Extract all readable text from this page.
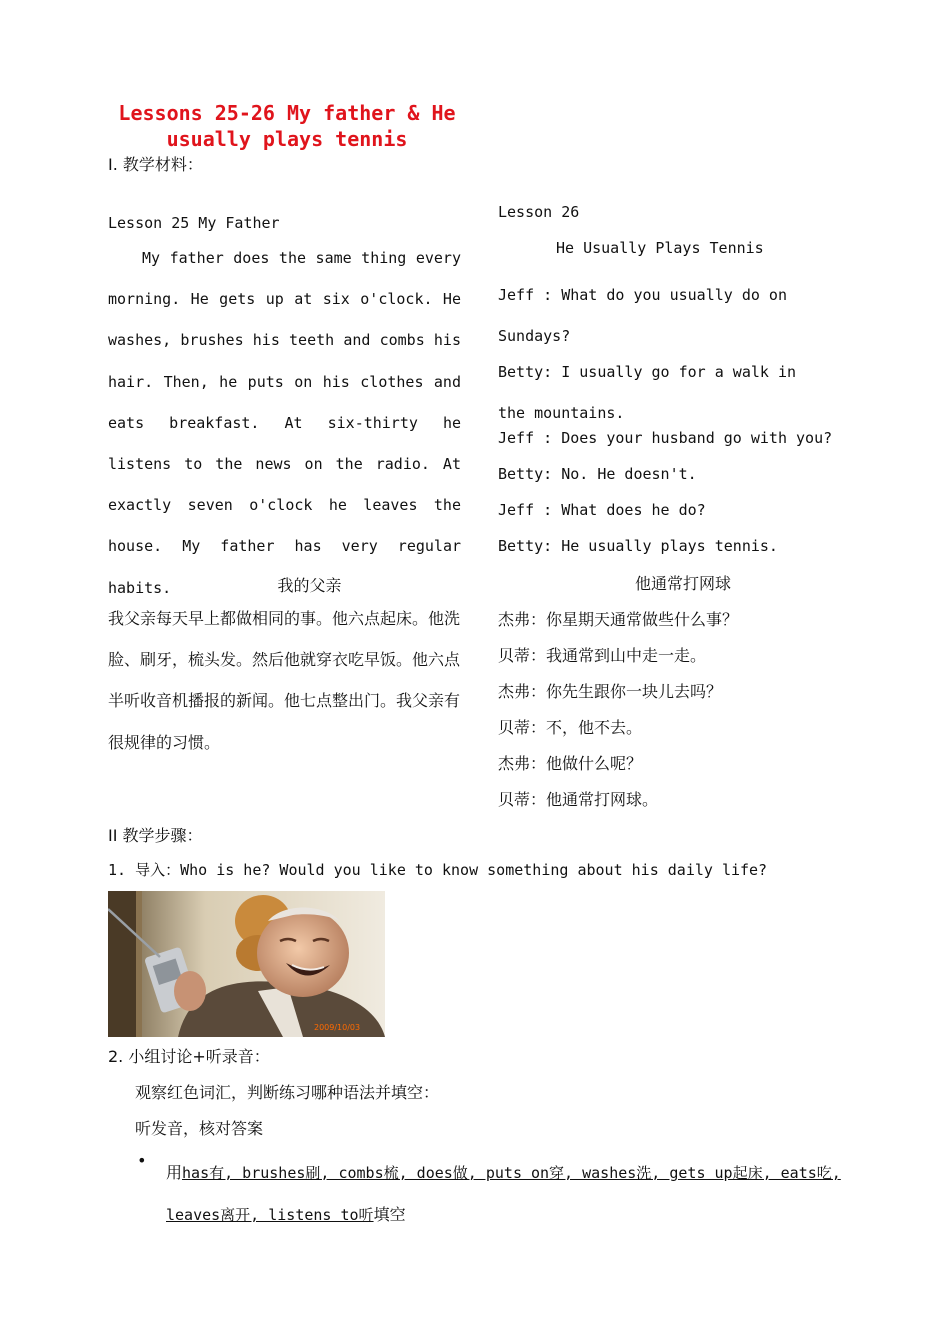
Lessons 25-26 My father & He
usually plays tennis
I. 教学材料：
Lesson 25 My Father
My father does the same thing every morning. He gets up at six o'clock. He washes, brushes his teeth and combs his hair. Then, he puts on his clothes and eats breakfast. At six-thirty he listens to the news on the radio. At exactly seven o'clock he leaves the house. My father has very regular habits.	我的父亲
我父亲每天早上都做相同的事。他六点起床。他洗脸、刷牙，梳头发。然后他就穿衣吃早饭。他六点半听收音机播报的新闻。他七点整出门。我父亲有很规律的习惯。
Lesson 26
He Usually Plays Tennis
Jeff : What do you usually do on Sundays?
Betty: I usually go for a walk in the mountains.
Jeff : Does your husband go with you?
Betty: No. He doesn't.
Jeff : What does he do?
Betty: He usually plays tennis.
他通常打网球
杰弗：你星期天通常做些什么事？
贝蒂：我通常到山中走一走。
杰弗：你先生跟你一块儿去吗？
贝蒂：不，他不去。
杰弗：他做什么呢？
贝蒂：他通常打网球。
II 教学步骤：
1. 导入：Who is he? Would you like to know something about his daily life?
2009/10/03
2. 小组讨论+听录音：
观察红色词汇，判断练习哪种语法并填空：
听发音，核对答案
•
用has有, brushes刷, combs梳, does做, puts on穿, washes洗, gets up起床, eats吃,
leaves离开, listens to听填空
